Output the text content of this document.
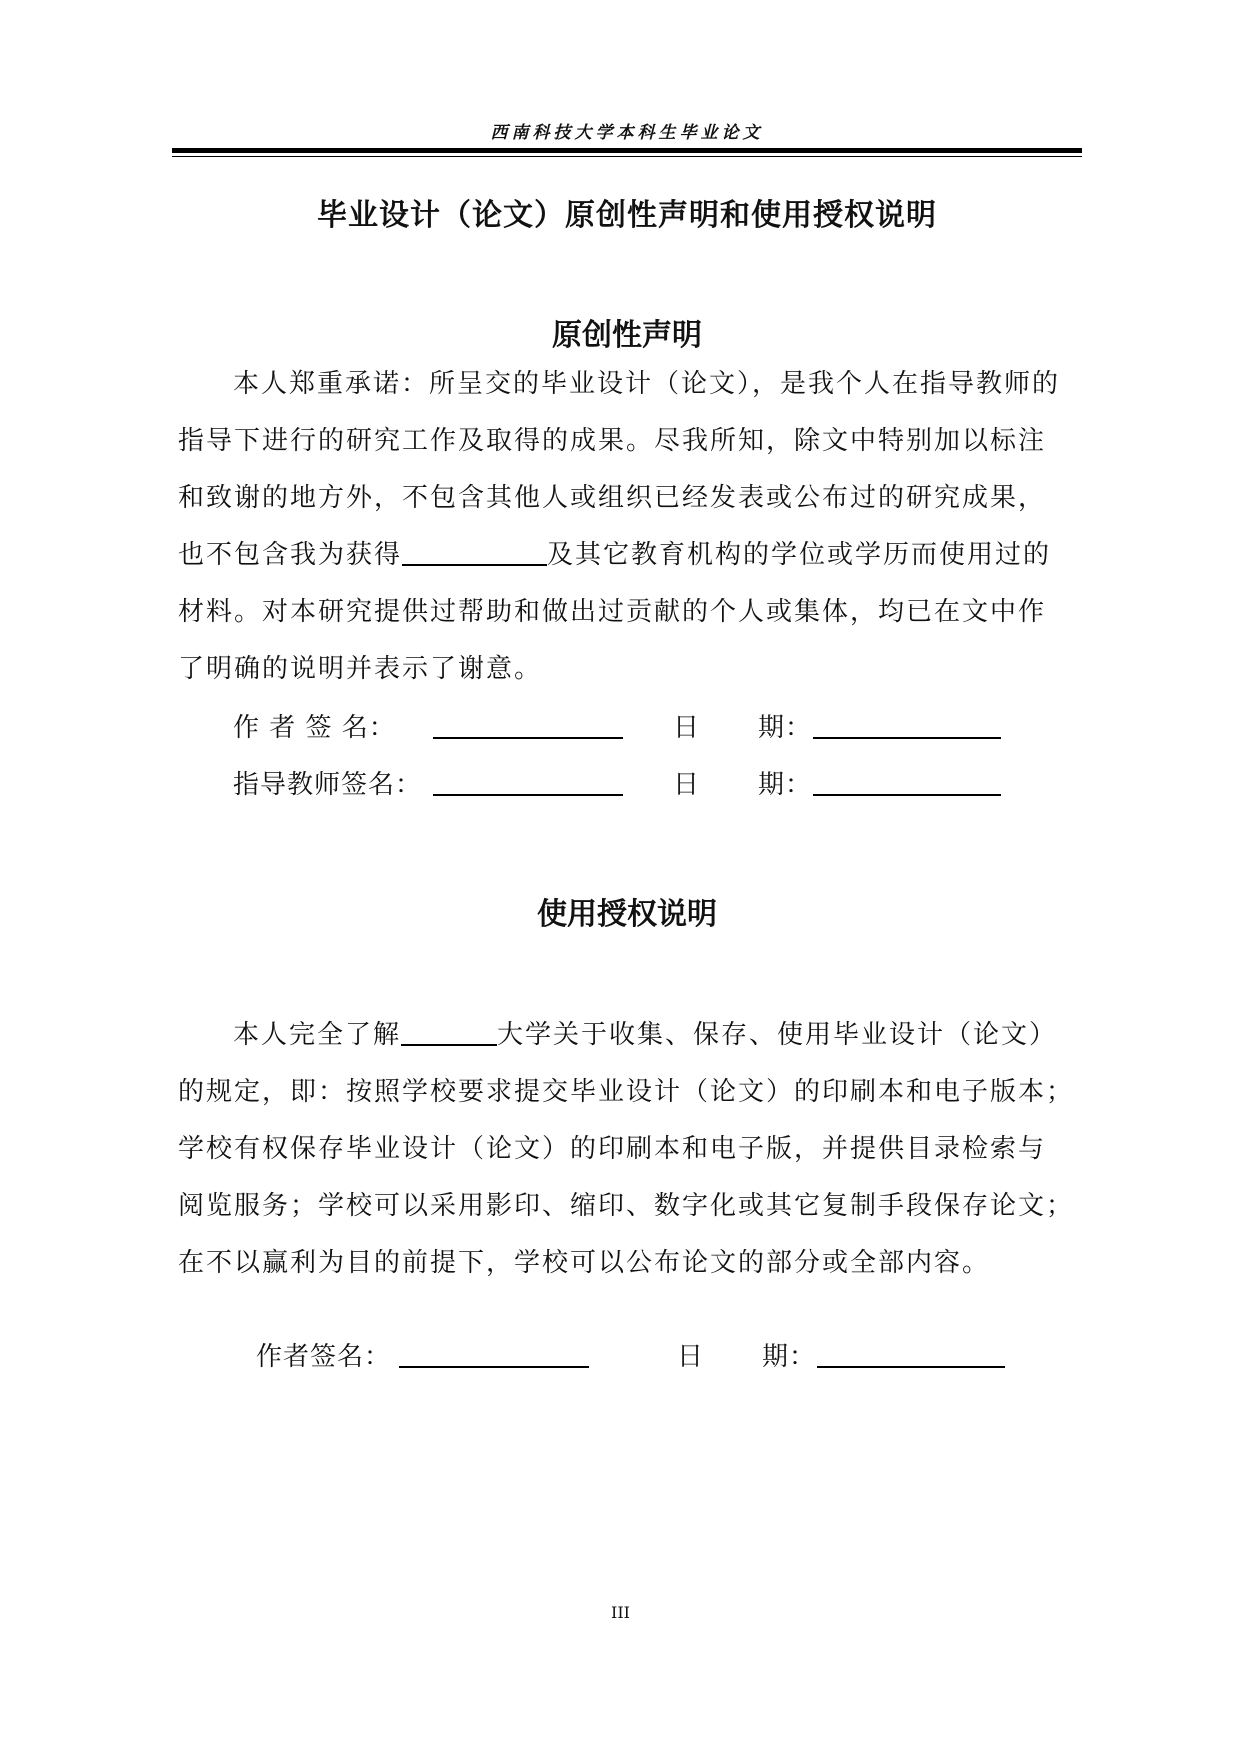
西南科技大学本科生毕业论文
毕业设计（论文）原创性声明和使用授权说明
原创性声明
本人郑重承诺：所呈交的毕业设计（论文），是我个人在指导教师的
指导下进行的研究工作及取得的成果。尽我所知，除文中特别加以标注
和致谢的地方外，不包含其他人或组织已经发表或公布过的研究成果，
也不包含我为获得	及其它教育机构的学位或学历而使用过的
材料。对本研究提供过帮助和做出过贡献的个人或集体，均已在文中作
了明确的说明并表示了谢意。
作 者 签 名：	日 期：
指导教师签名：	日 期：
使用授权说明
本人完全了解	大学关于收集、保存、使用毕业设计（论文）
的规定，即：按照学校要求提交毕业设计（论文）的印刷本和电子版本；
学校有权保存毕业设计（论文）的印刷本和电子版，并提供目录检索与
阅览服务；学校可以采用影印、缩印、数字化或其它复制手段保存论文；
在不以赢利为目的前提下，学校可以公布论文的部分或全部内容。
作者签名：	日 期：
III
